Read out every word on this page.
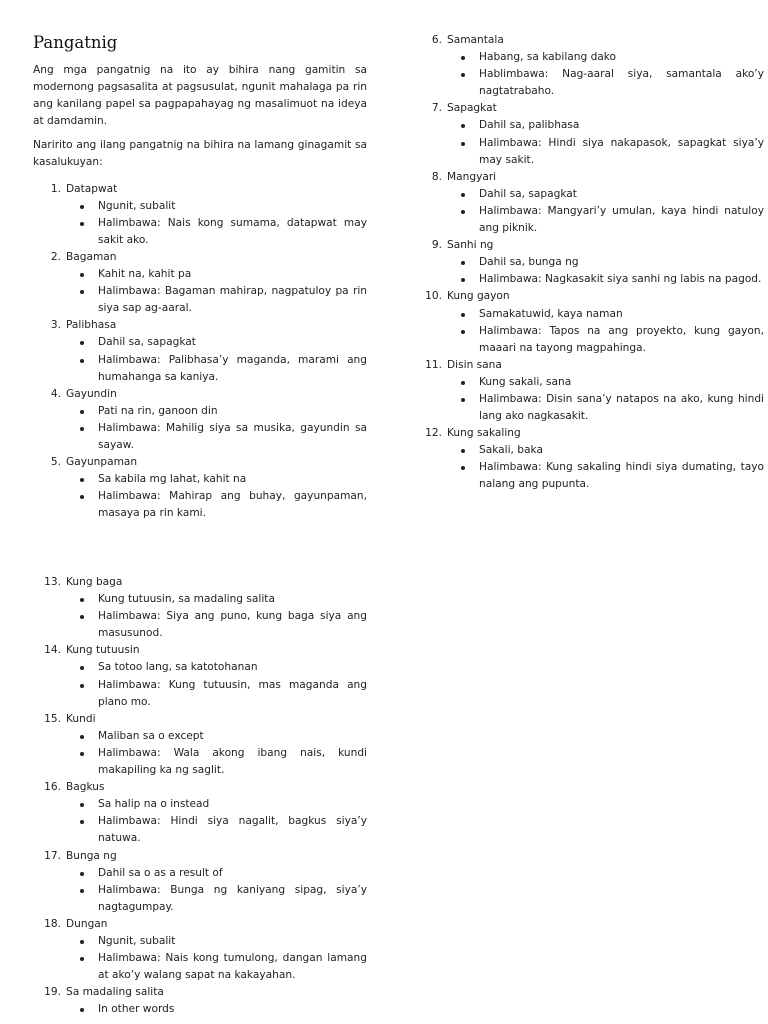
Pangatnig

Ang mga pangatnig na ito ay bihira nang gamitin sa modernong pagsasalita at pagsusulat, ngunit mahalaga pa rin ang kanilang papel sa pagpapahayag ng masalimuot na ideya at damdamin.

Naririto ang ilang pangatnig na bihira na lamang ginagamit sa kasalukuyan:

1. Datapwat
Ngunit, subalit
Halimbawa: Nais kong sumama, datapwat may sakit ako.
2. Bagaman
Kahit na, kahit pa
Halimbawa: Bagaman mahirap, nagpatuloy pa rin siya sap ag-aaral.
3. Palibhasa
Dahil sa, sapagkat
Halimbawa: Palibhasa’y maganda, marami ang humahanga sa kaniya.
4. Gayundin
Pati na rin, ganoon din
Halimbawa: Mahilig siya sa musika, gayundin sa sayaw.
5. Gayunpaman
Sa kabila mg lahat, kahit na
Halimbawa: Mahirap ang buhay, gayunpaman, masaya pa rin kami.
6. Samantala
Habang, sa kabilang dako
Hablimbawa: Nag-aaral siya, samantala ako’y nagtatrabaho.
7. Sapagkat
Dahil sa, palibhasa
Halimbawa: Hindi siya nakapasok, sapagkat siya’y may sakit.
8. Mangyari
Dahil sa, sapagkat
Halimbawa: Mangyari’y umulan, kaya hindi natuloy ang piknik.
9. Sanhi ng
Dahil sa, bunga ng
Halimbawa: Nagkasakit siya sanhi ng labis na pagod.
10. Kung gayon
Samakatuwid, kaya naman
Halimbawa: Tapos na ang proyekto, kung gayon, maaari na tayong magpahinga.
11. Disin sana
Kung sakali, sana
Halimbawa: Disin sana’y natapos na ako, kung hindi lang ako nagkasakit.
12. Kung sakaling
Sakali, baka
Halimbawa: Kung sakaling hindi siya dumating, tayo nalang ang pupunta.
13. Kung baga
Kung tutuusin, sa madaling salita
Halimbawa: Siya ang puno, kung baga siya ang masusunod.
14. Kung tutuusin
Sa totoo lang, sa katotohanan
Halimbawa: Kung tutuusin, mas maganda ang plano mo.
15. Kundi
Maliban sa o except
Halimbawa: Wala akong ibang nais, kundi makapiling ka ng saglit.
16. Bagkus
Sa halip na o instead
Halimbawa: Hindi siya nagalit, bagkus siya’y natuwa.
17. Bunga ng
Dahil sa o as a result of
Halimbawa: Bunga ng kaniyang sipag, siya’y nagtagumpay.
18. Dungan
Ngunit, subalit
Halimbawa: Nais kong tumulong, dangan lamang at ako’y walang sapat na kakayahan.
19. Sa madaling salita
In other words
